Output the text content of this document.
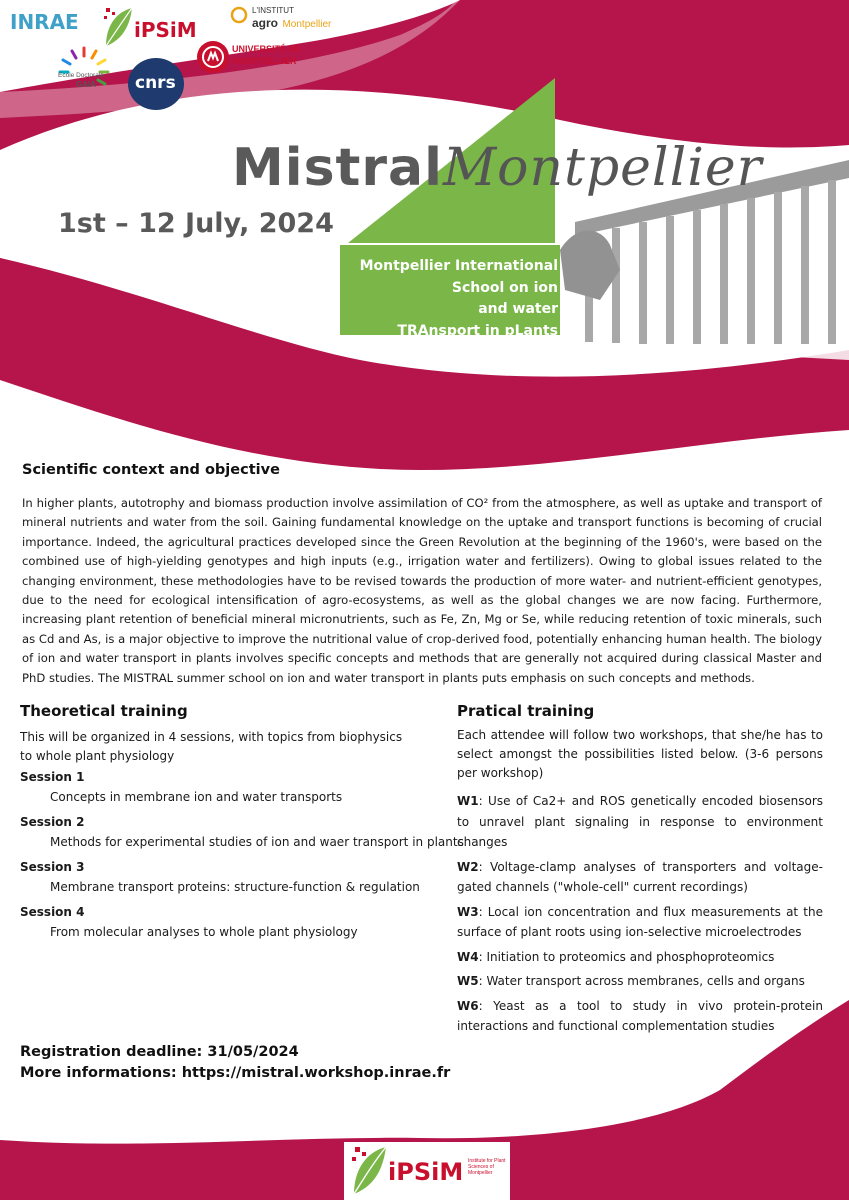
INRAE	iPSiM
L'INSTITUT
agro Montpellier
Ecole Doctorale
GAIA cnrs
UNIVERSITÉ DE
MONTPELLIER
MistralMontpellier
1st – 12 July, 2024
Montpellier International
School on ion
and water
TRAnsport in pLants
Scientific context and objective
In higher plants, autotrophy and biomass production involve assimilation of CO² from the atmosphere, as well as uptake and transport of mineral nutrients and water from the soil. Gaining fundamental knowledge on the uptake and transport functions is becoming of crucial importance. Indeed, the agricultural practices developed since the Green Revolution at the beginning of the 1960's, were based on the combined use of high-yielding genotypes and high inputs (e.g., irrigation water and fertilizers). Owing to global issues related to the changing environment, these methodologies have to be revised towards the production of more water- and nutrient-efficient genotypes, due to the need for ecological intensification of agro-ecosystems, as well as the global changes we are now facing. Furthermore, increasing plant retention of beneficial mineral micronutrients, such as Fe, Zn, Mg or Se, while reducing retention of toxic minerals, such as Cd and As, is a major objective to improve the nutritional value of crop-derived food, potentially enhancing human health. The biology of ion and water transport in plants involves specific concepts and methods that are generally not acquired during classical Master and PhD studies. The MISTRAL summer school on ion and water transport in plants puts emphasis on such concepts and methods.
Theoretical training
This will be organized in 4 sessions, with topics from biophysics
to whole plant physiology
Session 1
Concepts in membrane ion and water transports
Session 2
Methods for experimental studies of ion and waer transport in plants
Session 3
Membrane transport proteins: structure-function & regulation
Session 4
From molecular analyses to whole plant physiology
Pratical training
Each attendee will follow two workshops, that she/he has to select amongst the possibilities listed below. (3-6 persons per workshop)
W1: Use of Ca2+ and ROS genetically encoded biosensors to unravel plant signaling in response to environment changes
W2: Voltage-clamp analyses of transporters and voltage-gated channels ("whole-cell" current recordings)
W3: Local ion concentration and flux measurements at the surface of plant roots using ion-selective microelectrodes
W4: Initiation to proteomics and phosphoproteomics
W5: Water transport across membranes, cells and organs
W6: Yeast as a tool to study in vivo protein-protein interactions and functional complementation studies
Registration deadline: 31/05/2024
More informations: https://mistral.workshop.inrae.fr
Contact: mistral-contact@supagro.fr
iPSiM Institute for Plant Sciences of Montpellier
